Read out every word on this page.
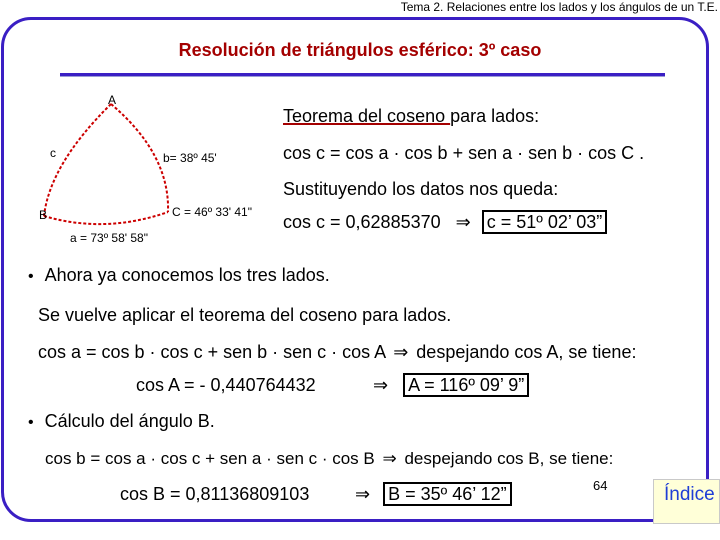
Tema 2. Relaciones entre los lados y los ángulos de un T.E.
Resolución de triángulos esférico: 3º caso
A
c	b= 38º 45'
B	C = 46º 33' 41"
a = 73º 58' 58"
Teorema del coseno para lados:
cos c = cos a · cos b + sen a · sen b · cos C .
Sustituyendo los datos nos queda:
cos c = 0,62885370 ⇒ c = 51º 02’ 03”
• Ahora ya conocemos los tres lados.
Se vuelve aplicar el teorema del coseno para lados.
cos a = cos b · cos c + sen b · sen c · cos A ⇒ despejando cos A, se tiene:
cos A = - 0,440764432	⇒ A = 116º 09’ 9”
• Cálculo del ángulo B.
cos b = cos a · cos c + sen a · sen c · cos B ⇒ despejando cos B, se tiene:
cos B = 0,81136809103	⇒ B = 35º 46’ 12”	64	Índice
